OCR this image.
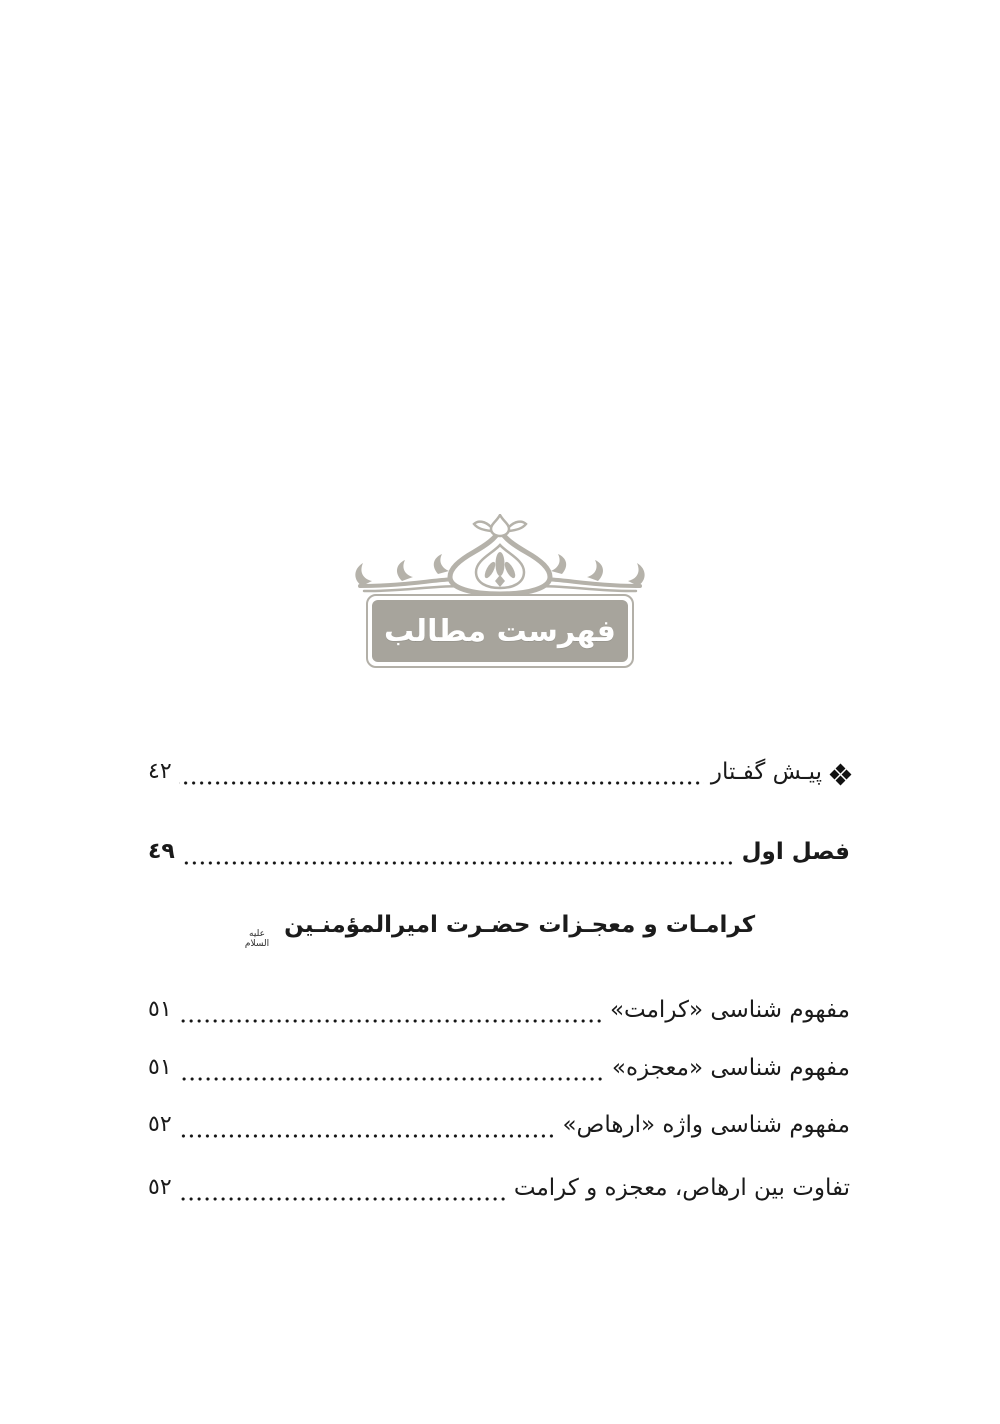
فهرست مطالب
پیـش گفـتار
٤٢
فصل اول
٤٩
کرامـات و معجـزات حضـرت امیرالمؤمنـین
علیه
السلام
مفهوم شناسی «کرامت»
٥١
مفهوم شناسی «معجزه»
٥١
مفهوم شناسی واژه «ارهاص»
٥٢
تفاوت بین ارهاص، معجزه و کرامت
٥٢
